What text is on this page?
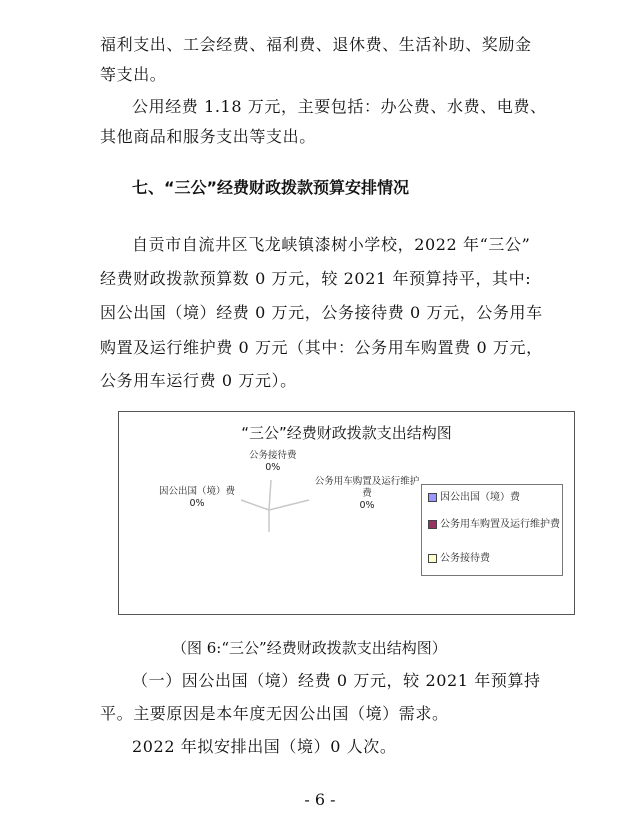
福利支出、工会经费、福利费、退休费、生活补助、奖励金
等支出。
公用经费 1.18 万元，主要包括：办公费、水费、电费、
其他商品和服务支出等支出。
七、“三公”经费财政拨款预算安排情况
自贡市自流井区飞龙峡镇漆树小学校，2022 年“三公”
经费财政拨款预算数 0 万元，较 2021 年预算持平，其中:
因公出国（境）经费 0 万元，公务接待费 0 万元，公务用车
购置及运行维护费 0 万元（其中：公务用车购置费 0 万元，
公务用车运行费 0 万元）。
“三公”经费财政拨款支出结构图
因公出国（境）费
0%
公务接待费
0%
公务用车购置及运行维护费
0%
因公出国（境）费
公务用车购置及运行维护费
公务接待费
（图 6:“三公”经费财政拨款支出结构图）
（一）因公出国（境）经费 0 万元，较 2021 年预算持
平。主要原因是本年度无因公出国（境）需求。
2022 年拟安排出国（境）0 人次。
- 6 -
